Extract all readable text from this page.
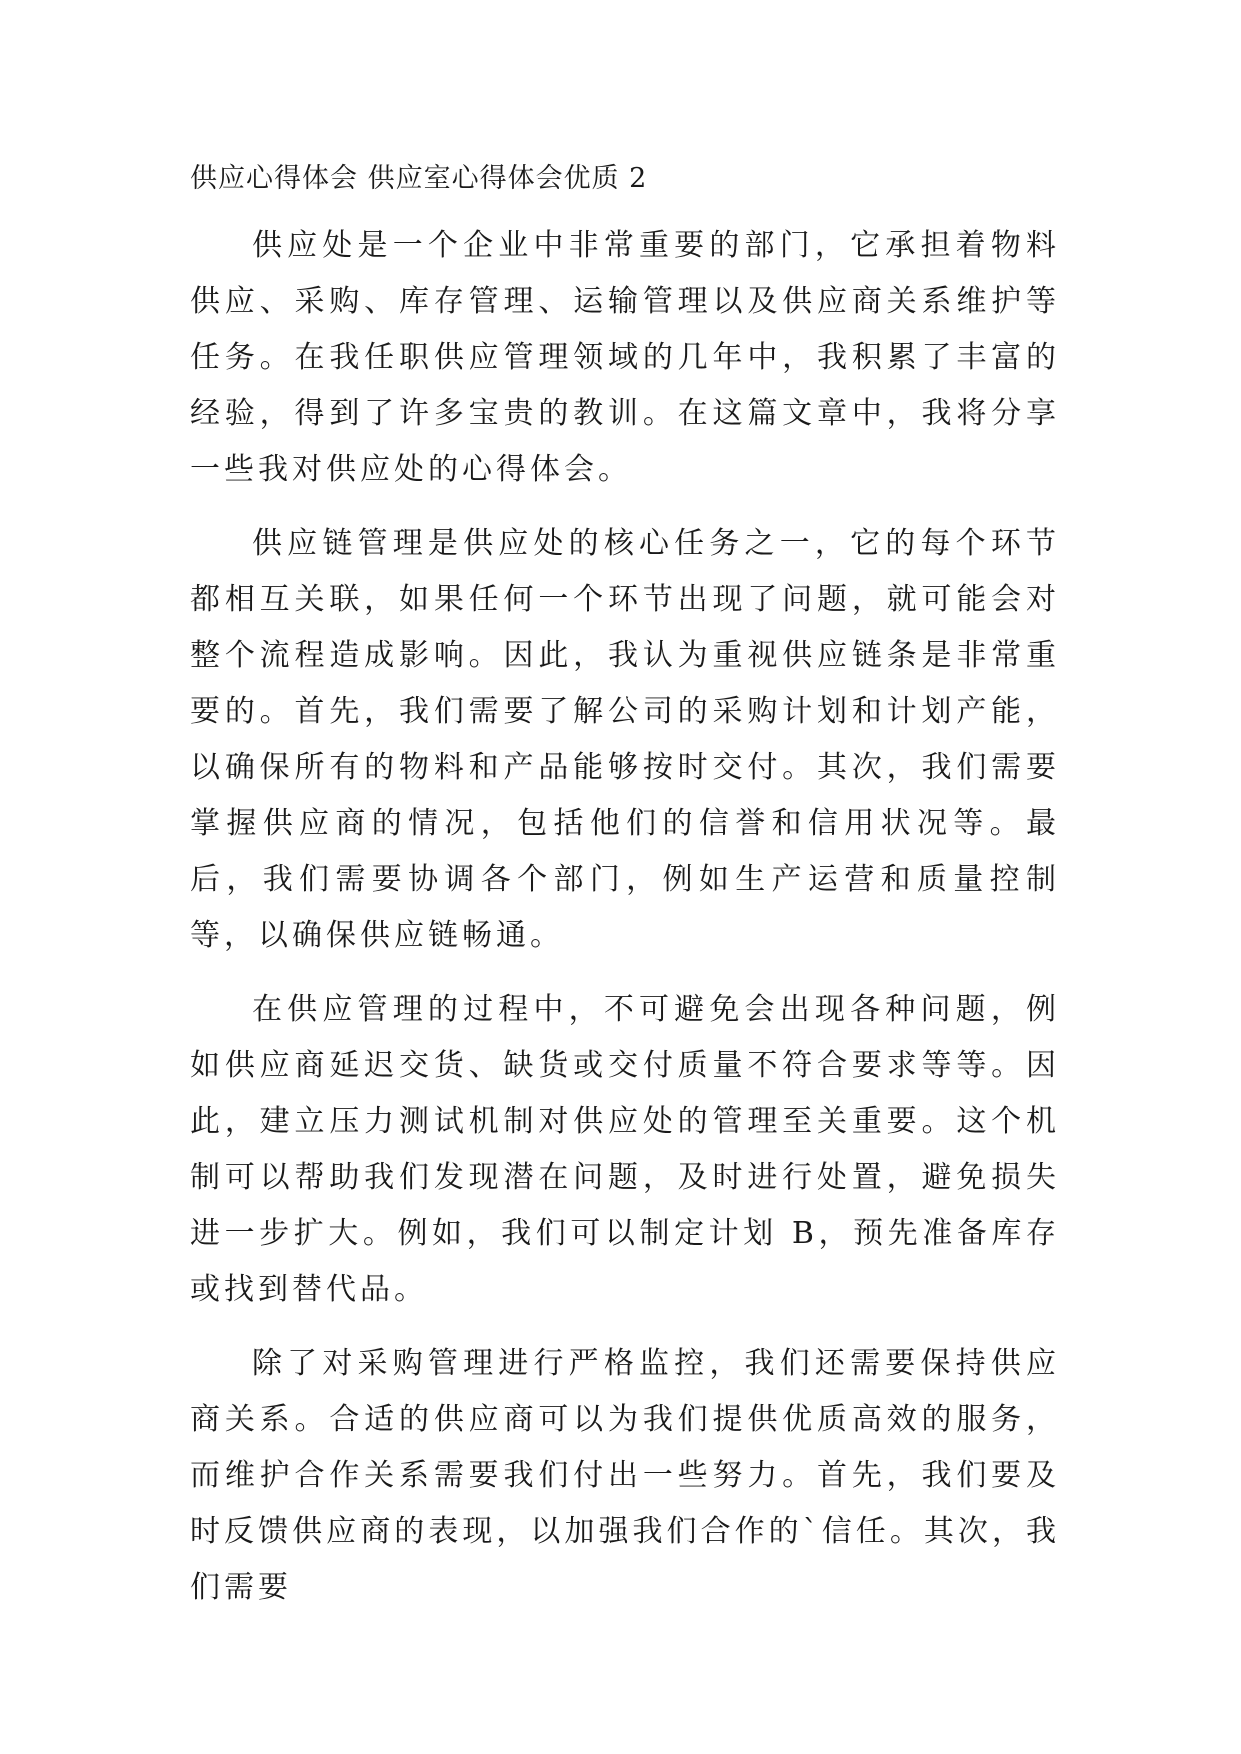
供应心得体会 供应室心得体会优质 2

供应处是一个企业中非常重要的部门，它承担着物料供应、采购、库存管理、运输管理以及供应商关系维护等任务。在我任职供应管理领域的几年中，我积累了丰富的经验，得到了许多宝贵的教训。在这篇文章中，我将分享一些我对供应处的心得体会。

供应链管理是供应处的核心任务之一，它的每个环节都相互关联，如果任何一个环节出现了问题，就可能会对整个流程造成影响。因此，我认为重视供应链条是非常重要的。首先，我们需要了解公司的采购计划和计划产能，以确保所有的物料和产品能够按时交付。其次，我们需要掌握供应商的情况，包括他们的信誉和信用状况等。最后，我们需要协调各个部门，例如生产运营和质量控制等，以确保供应链畅通。

在供应管理的过程中，不可避免会出现各种问题，例如供应商延迟交货、缺货或交付质量不符合要求等等。因此，建立压力测试机制对供应处的管理至关重要。这个机制可以帮助我们发现潜在问题，及时进行处置，避免损失进一步扩大。例如，我们可以制定计划 B，预先准备库存或找到替代品。

除了对采购管理进行严格监控，我们还需要保持供应商关系。合适的供应商可以为我们提供优质高效的服务，而维护合作关系需要我们付出一些努力。首先，我们要及时反馈供应商的表现，以加强我们合作的`信任。其次，我们需要
